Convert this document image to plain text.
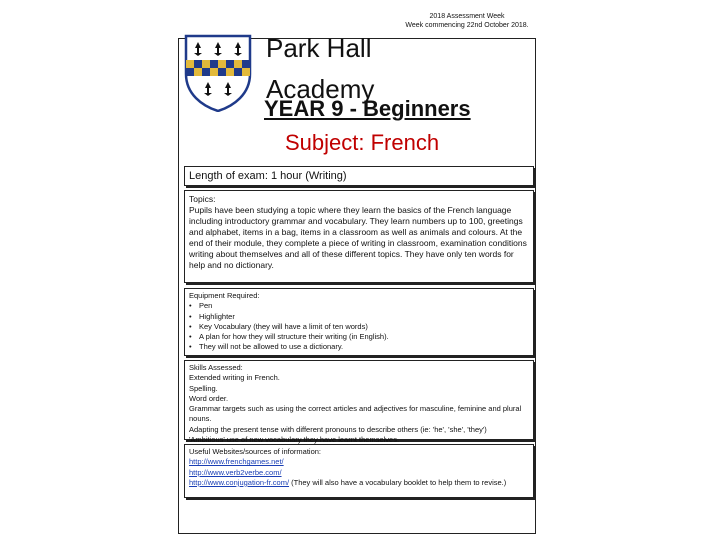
2018 Assessment Week
Week commencing 22nd October 2018.
Park Hall
Academy
YEAR 9 - Beginners
Subject: French
Length of exam: 1 hour (Writing)
Topics:
Pupils have been studying a topic where they learn the basics of the French language including introductory grammar and vocabulary. They learn numbers up to 100, greetings and alphabet, items in a bag, items in a classroom as well as animals and colours. At the end of their module, they complete a piece of writing in classroom, examination conditions writing about themselves and all of these different topics. They have only ten words for help and no dictionary.
Equipment Required:
• Pen
• Highlighter
• Key Vocabulary (they will have a limit of ten words)
• A plan for how they will structure their writing (in English).
• They will not be allowed to use a dictionary.
Skills Assessed:
Extended writing in French.
Spelling.
Word order.
Grammar targets such as using the correct articles and adjectives for masculine, feminine and plural nouns.
Adapting the present tense with different pronouns to describe others (ie: 'he', 'she', 'they')
'Ambitious' use of new vocabulary they have learnt themselves.
Useful Websites/sources of information:
http://www.frenchgames.net/
http://www.verb2verbe.com/
http://www.conjugation-fr.com/ (They will also have a vocabulary booklet to help them to revise.)
